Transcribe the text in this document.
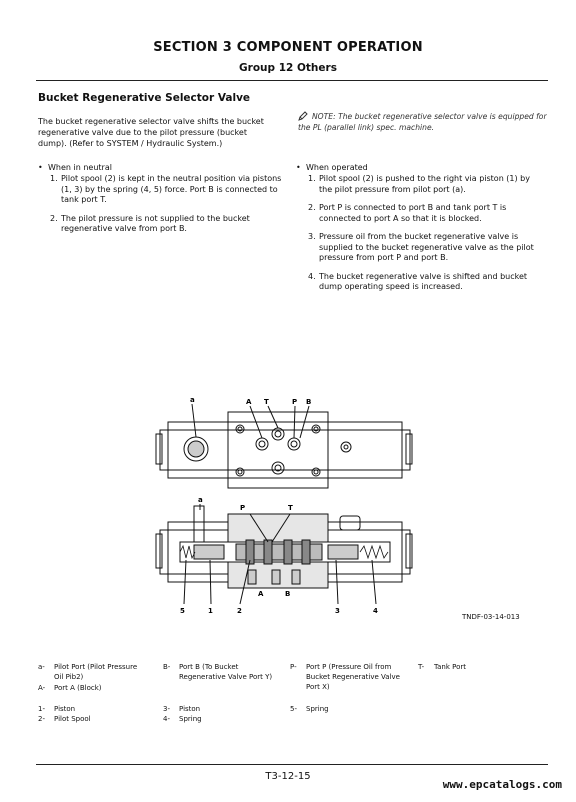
SECTION 3 COMPONENT OPERATION
Group 12 Others
Bucket Regenerative Selector Valve
The bucket regenerative selector valve shifts the bucket regenerative valve due to the pilot pressure (bucket dump). (Refer to SYSTEM / Hydraulic System.)
NOTE: The bucket regenerative selector valve is equipped for the PL (parallel link) spec. machine.
• When in neutral
1. Pilot spool (2) is kept in the neutral position via pistons (1, 3) by the spring (4, 5) force. Port B is connected to tank port T.
2. The pilot pressure is not supplied to the bucket regenerative valve from port B.
• When operated
1. Pilot spool (2) is pushed to the right via piston (1) by the pilot pressure from pilot port (a).
2. Port P is connected to port B and tank port T is connected to port A so that it is blocked.
3. Pressure oil from the bucket regenerative valve is supplied to the bucket regenerative valve as the pilot pressure from port P and port B.
4. The bucket regenerative valve is shifted and bucket dump operating speed is increased.
a	A T	P B
a
P	T
A	B
5	1	2	3	4
TNDF-03-14-013
a- Pilot Port (Pilot Pressure Oil Pib2)
A- Port A (Block)
B- Port B (To Bucket Regenerative Valve Port Y)
P- Port P (Pressure Oil from Bucket Regenerative Valve Port X)
T- Tank Port
1- Piston
2- Pilot Spool
3- Piston
4- Spring
5- Spring
T3-12-15
www.epcatalogs.com
